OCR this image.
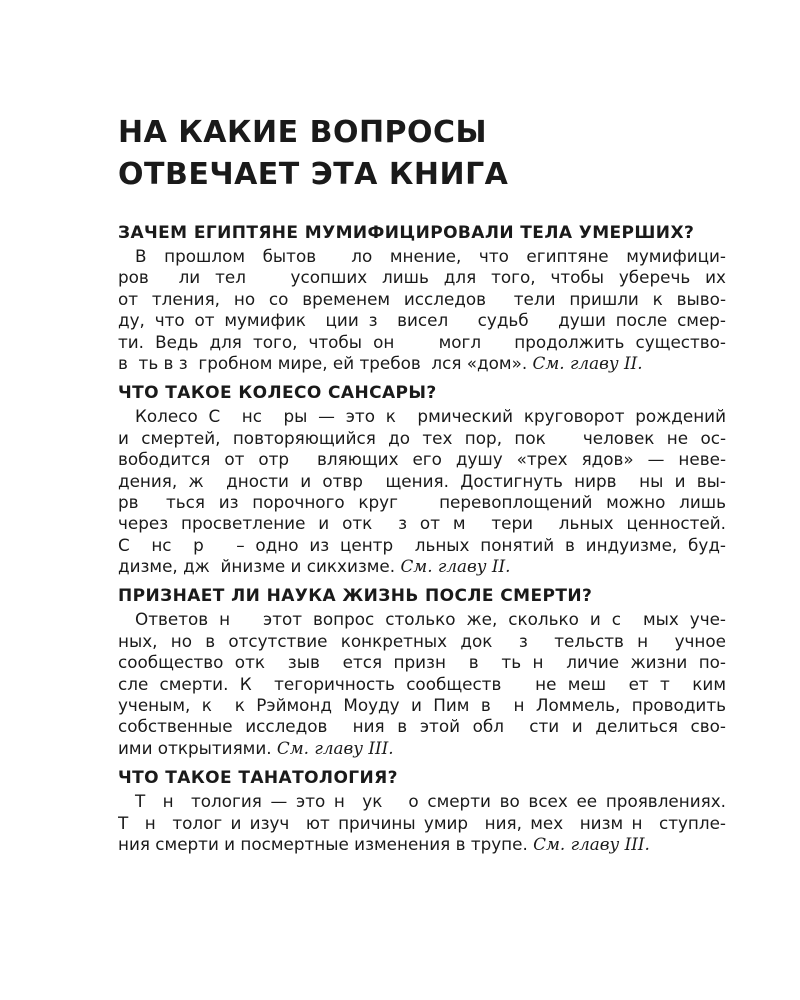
НА КАКИЕ ВОПРОСЫ
ОТВЕЧАЕТ ЭТА КНИГА
ЗАЧЕМ ЕГИПТЯНЕ МУМИФИЦИРОВАЛИ ТЕЛА УМЕРШИХ?
В прошлом бытов  ло мнение, что египтяне мумифици-
ров  ли тел   усопших лишь для того, чтобы уберечь их
от тления, но со временем исследов  тели пришли к выво-
ду, что от мумифик  ции з  висел   судьб   души после смер-
ти. Ведь для того, чтобы он    могл   продолжить существо-
в  ть в з  гробном мире, ей требов  лся «дом». См. главу II.
ЧТО ТАКОЕ КОЛЕСО САНСАРЫ?
Колесо С  нс  ры — это к  рмический круговорот рождений
и смертей, повторяющийся до тех пор, пок   человек не ос-
вободится от отр  вляющих его душу «трех ядов» — неве-
дения, ж  дности и отвр  щения. Достигнуть нирв  ны и вы-
рв  ться из порочного круг   перевоплощений можно лишь
через просветление и отк  з от м  тери  льных ценностей.
С  нс  р   – одно из центр  льных понятий в индуизме, буд-
дизме, дж  йнизме и сикхизме. См. главу II.
ПРИЗНАЕТ ЛИ НАУКА ЖИЗНЬ ПОСЛЕ СМЕРТИ?
Ответов н   этот вопрос столько же, сколько и с  мых уче-
ных, но в отсутствие конкретных док  з  тельств н  учное
сообщество отк  зыв  ется призн  в  ть н  личие жизни по-
сле смерти. К  тегоричность сообществ   не меш  ет т  ким
ученым, к  к Рэймонд Моуду и Пим в  н Ломмель, проводить
собственные исследов  ния в этой обл  сти и делиться сво-
ими открытиями. См. главу III.
ЧТО ТАКОЕ ТАНАТОЛОГИЯ?
Т  н  тология — это н  ук   о смерти во всех ее проявлениях.
Т  н  толог и изуч  ют причины умир  ния, мех  низм н  ступле-
ния смерти и посмертные изменения в трупе. См. главу III.
